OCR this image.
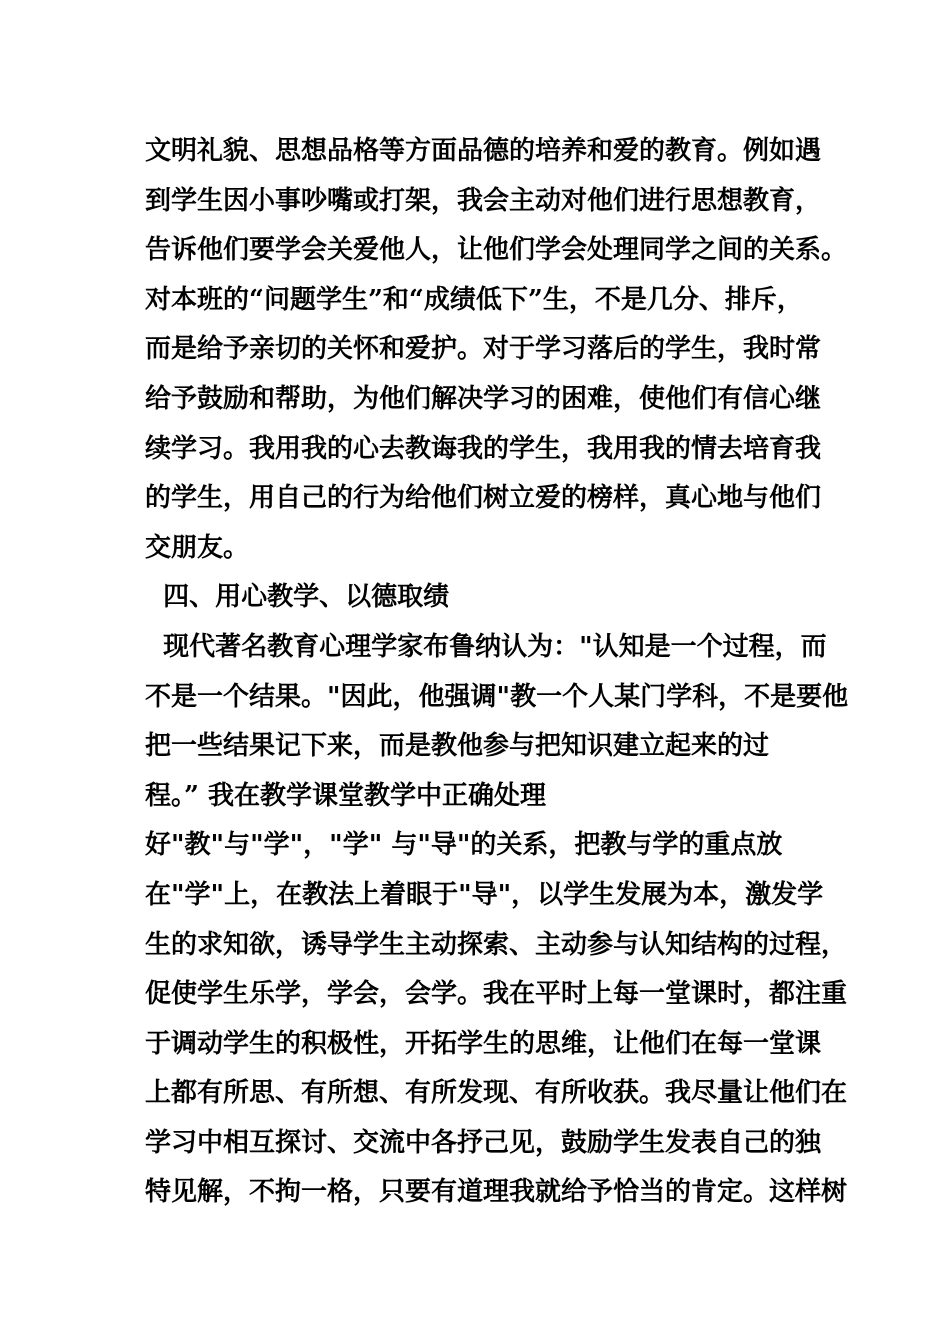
文明礼貌、思想品格等方面品德的培养和爱的教育。例如遇
到学生因小事吵嘴或打架，我会主动对他们进行思想教育，
告诉他们要学会关爱他人，让他们学会处理同学之间的关系。
对本班的“问题学生”和“成绩低下”生，不是几分、排斥，
而是给予亲切的关怀和爱护。对于学习落后的学生，我时常
给予鼓励和帮助，为他们解决学习的困难，使他们有信心继
续学习。我用我的心去教诲我的学生，我用我的情去培育我
的学生，用自己的行为给他们树立爱的榜样，真心地与他们
交朋友。
四、用心教学、以德取绩
现代著名教育心理学家布鲁纳认为："认知是一个过程，而
不是一个结果。"因此，他强调"教一个人某门学科，不是要他
把一些结果记下来，而是教他参与把知识建立起来的过
程。” 我在教学课堂教学中正确处理
好"教"与"学"，"学" 与"导"的关系，把教与学的重点放
在"学"上，在教法上着眼于"导"，以学生发展为本，激发学
生的求知欲，诱导学生主动探索、主动参与认知结构的过程，
促使学生乐学，学会，会学。我在平时上每一堂课时，都注重
于调动学生的积极性，开拓学生的思维，让他们在每一堂课
上都有所思、有所想、有所发现、有所收获。我尽量让他们在
学习中相互探讨、交流中各抒己见，鼓励学生发表自己的独
特见解，不拘一格，只要有道理我就给予恰当的肯定。这样树
